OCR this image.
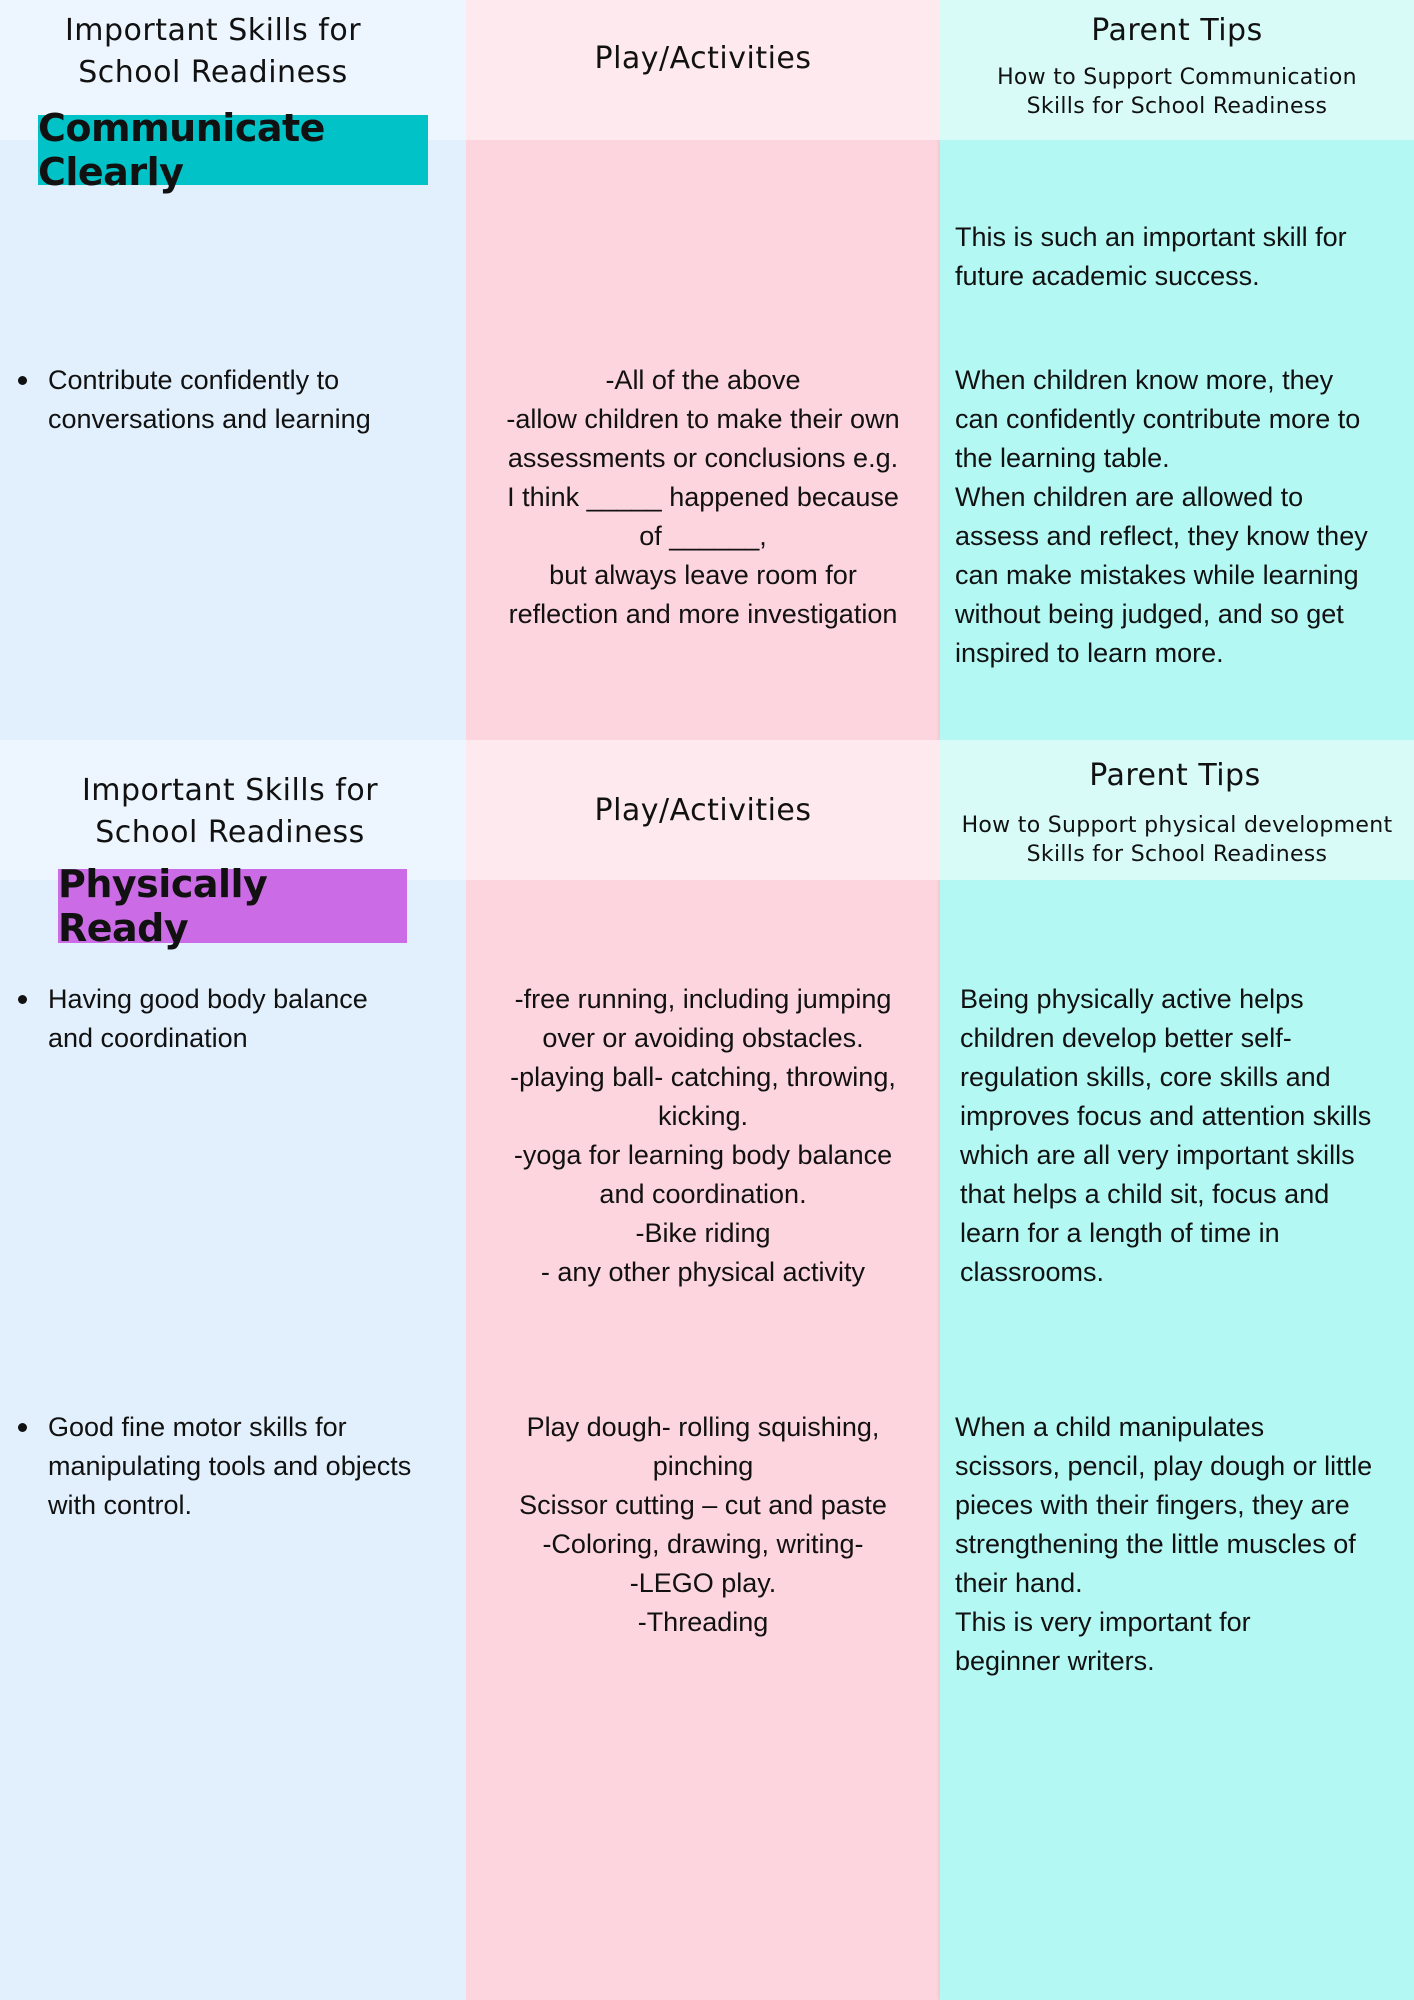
Important Skills for
School Readiness	Play/Activities
Parent Tips
How to Support Communication
Skills for School Readiness
Communicate Clearly
This is such an important skill for
future academic success.
Contribute confidently to
conversations and learning
-All of the above
-allow children to make their own
assessments or conclusions e.g.
I think _____ happened because
of ______,
but always leave room for
reflection and more investigation
When children know more, they
can confidently contribute more to
the learning table.
When children are allowed to
assess and reflect, they know they
can make mistakes while learning
without being judged, and so get
inspired to learn more.
Important Skills for
School Readiness
Play/Activities
Parent Tips
How to Support physical development
Skills for School Readiness
Physically Ready
Having good body balance
and coordination
-free running, including jumping
over or avoiding obstacles.
-playing ball- catching, throwing,
kicking.
-yoga for learning body balance
and coordination.
-Bike riding
- any other physical activity
Being physically active helps
children develop better self-
regulation skills, core skills and
improves focus and attention skills
which are all very important skills
that helps a child sit, focus and
learn for a length of time in
classrooms.
Good fine motor skills for
manipulating tools and objects
with control.
Play dough- rolling squishing,
pinching
Scissor cutting – cut and paste
-Coloring, drawing, writing-
-LEGO play.
-Threading
When a child manipulates
scissors, pencil, play dough or little
pieces with their fingers, they are
strengthening the little muscles of
their hand.
This is very important for
beginner writers.
